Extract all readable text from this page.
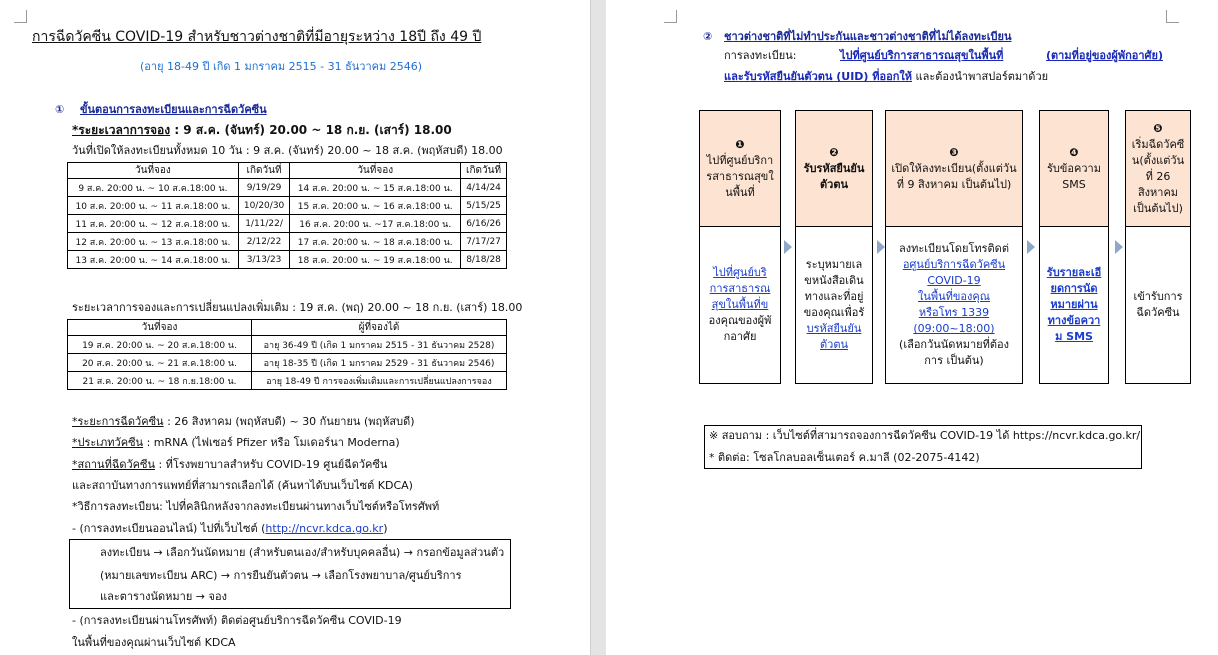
การฉีดวัคซีน COVID-19 สำหรับชาวต่างชาติที่มีอายุระหว่าง 18ปี ถึง 49 ปี
(อายุ 18-49 ปี เกิด 1 มกราคม 2515 - 31 ธันวาคม 2546)
① ขั้นตอนการลงทะเบียนและการฉีดวัคซีน
*ระยะเวลาการจอง : 9 ส.ค. (จันทร์) 20.00 ~ 18 ก.ย. (เสาร์) 18.00
วันที่เปิดให้ลงทะเบียนทั้งหมด 10 วัน : 9 ส.ค. (จันทร์) 20.00 ~ 18 ส.ค. (พฤหัสบดี) 18.00
วันที่จอง	เกิดวันที่	วันที่จอง	เกิดวันที่
9 ส.ค. 20:00 น. ~ 10 ส.ค.18:00 น.	9/19/29	14 ส.ค. 20:00 น. ~ 15 ส.ค.18:00 น.	4/14/24
10 ส.ค. 20:00 น. ~ 11 ส.ค.18:00 น.	10/20/30	15 ส.ค. 20:00 น. ~ 16 ส.ค.18:00 น.	5/15/25
11 ส.ค. 20:00 น. ~ 12 ส.ค.18:00 น.	1/11/22/	16 ส.ค. 20:00 น. ~17 ส.ค.18:00 น.	6/16/26
12 ส.ค. 20:00 น. ~ 13 ส.ค.18:00 น.	2/12/22	17 ส.ค. 20:00 น. ~ 18 ส.ค.18:00 น.	7/17/27
13 ส.ค. 20:00 น. ~ 14 ส.ค.18:00 น.	3/13/23	18 ส.ค. 20:00 น. ~ 19 ส.ค.18:00 น.	8/18/28
ระยะเวลาการจองและการเปลี่ยนแปลงเพิ่มเติม : 19 ส.ค. (พฤ) 20.00 ~ 18 ก.ย. (เสาร์) 18.00
วันที่จอง	ผู้ที่จองได้
19 ส.ค. 20:00 น. ~ 20 ส.ค.18:00 น.	อายุ 36-49 ปี (เกิด 1 มกราคม 2515 - 31 ธันวาคม 2528)
20 ส.ค. 20:00 น. ~ 21 ส.ค.18:00 น.	อายุ 18-35 ปี (เกิด 1 มกราคม 2529 - 31 ธันวาคม 2546)
21 ส.ค. 20:00 น. ~ 18 ก.ย.18:00 น.	อายุ 18-49 ปี การจองเพิ่มเติมและการเปลี่ยนแปลงการจอง
*ระยะการฉีดวัคซีน : 26 สิงหาคม (พฤหัสบดี) ~ 30 กันยายน (พฤหัสบดี)
*ประเภทวัคซีน : mRNA (ไฟเซอร์ Pfizer หรือ โมเดอร์นา Moderna)
*สถานที่ฉีดวัคซีน : ที่โรงพยาบาลสำหรับ COVID-19 ศูนย์ฉีดวัคซีน
และสถาบันทางการแพทย์ที่สามารถเลือกได้ (ค้นหาได้บนเว็บไซต์ KDCA)
*วิธีการลงทะเบียน: ไปที่คลินิกหลังจากลงทะเบียนผ่านทางเว็บไซต์หรือโทรศัพท์
- (การลงทะเบียนออนไลน์) ไปที่เว็บไซต์ (http://ncvr.kdca.go.kr)
ลงทะเบียน → เลือกวันนัดหมาย (สำหรับตนเอง/สำหรับบุคคลอื่น) → กรอกข้อมูลส่วนตัว
(หมายเลขทะเบียน ARC) → การยืนยันตัวตน → เลือกโรงพยาบาล/ศูนย์บริการ
และตารางนัดหมาย → จอง
- (การลงทะเบียนผ่านโทรศัพท์) ติดต่อศูนย์บริการฉีดวัคซีน COVID-19
ในพื้นที่ของคุณผ่านเว็บไซต์ KDCA
② ชาวต่างชาติที่ไม่ทำประกันและชาวต่างชาติที่ไม่ได้ลงทะเบียน
การลงทะเบียน:	ไปที่ศูนย์บริการสาธารณสุขในพื้นที่	(ตามที่อยู่ของผู้พักอาศัย)
และรับรหัสยืนยันตัวตน (UID) ที่ออกให้ และต้องนำพาสปอร์ตมาด้วย
❶
ไปที่ศูนย์บริกา
รสาธารณสุขใ
นพื้นที่
ไปที่ศูนย์บริ
การสาธารณ
สุขในพื้นที่ข
องคุณของผู้พั
กอาศัย
❷
รับรหัสยืนยัน
ตัวตน
ระบุหมายเล
ขหนังสือเดิน
ทางและที่อยู่
ของคุณเพื่อรั
บรหัสยืนยัน
ตัวตน
❸
เปิดให้ลงทะเบียน(ตั้งแต่วัน
ที่ 9 สิงหาคม เป็นต้นไป)
ลงทะเบียนโดยโทรติดต่
อศูนย์บริการฉีดวัคซีน
COVID-19
ในพื้นที่ของคุณ
หรือโทร 1339
(09:00~18:00)
(เลือกวันนัดหมายที่ต้อง
การ เป็นต้น)
❹
รับข้อความ
SMS
รับรายละเอี
ยดการนัด
หมายผ่าน
ทางข้อควา
ม SMS
❺
เริ่มฉีดวัคซี
น(ตั้งแต่วัน
ที่ 26
สิงหาคม
เป็นต้นไป)
เข้ารับการ
ฉีดวัคซีน
※ สอบถาม : เว็บไซต์ที่สามารถจองการฉีดวัคซีน COVID-19 ได้ https://ncvr.kdca.go.kr/
* ติดต่อ: โซลโกลบอลเซ็นเตอร์ ค.มาลี (02-2075-4142)
